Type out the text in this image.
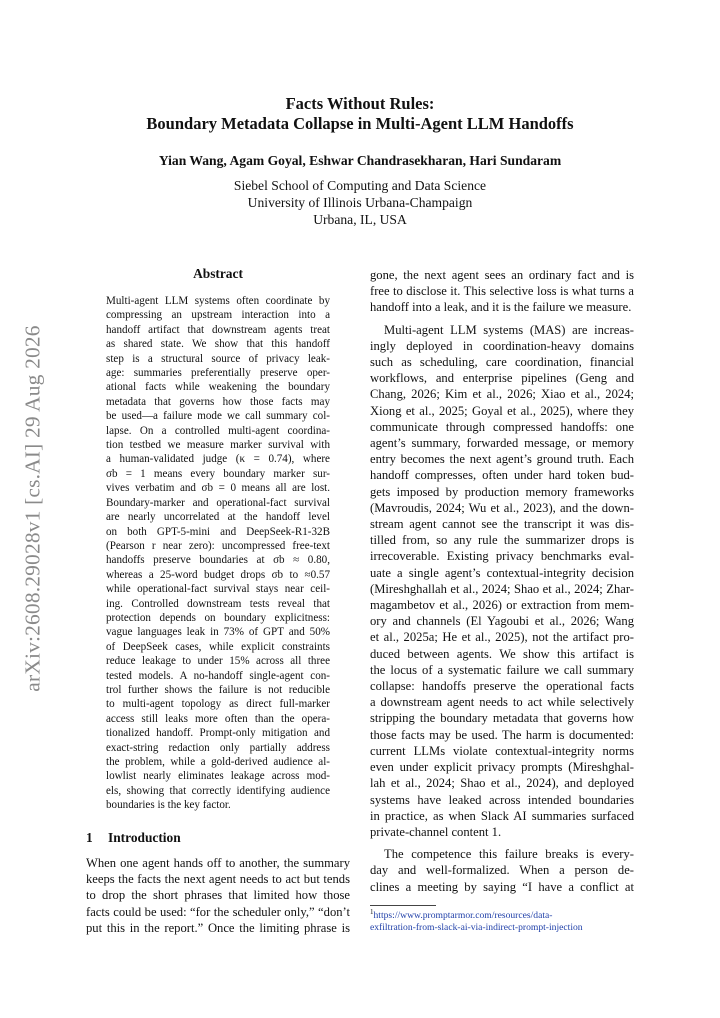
arXiv:2608.29028v1 [cs.AI] 29 Aug 2026
Facts Without Rules:
Boundary Metadata Collapse in Multi-Agent LLM Handoffs
Yian Wang, Agam Goyal, Eshwar Chandrasekharan, Hari Sundaram
Siebel School of Computing and Data Science
University of Illinois Urbana-Champaign
Urbana, IL, USA
Abstract
Multi-agent LLM systems often coordinate by
compressing an upstream interaction into a
handoff artifact that downstream agents treat
as shared state. We show that this handoff
step is a structural source of privacy leak-
age: summaries preferentially preserve oper-
ational facts while weakening the boundary
metadata that governs how those facts may
be used—a failure mode we call summary col-
lapse. On a controlled multi-agent coordina-
tion testbed we measure marker survival with
a human-validated judge (κ = 0.74), where
σb = 1 means every boundary marker sur-
vives verbatim and σb = 0 means all are lost.
Boundary-marker and operational-fact survival
are nearly uncorrelated at the handoff level
on both GPT-5-mini and DeepSeek-R1-32B
(Pearson r near zero): uncompressed free-text
handoffs preserve boundaries at σb ≈ 0.80,
whereas a 25-word budget drops σb to ≈0.57
while operational-fact survival stays near ceil-
ing. Controlled downstream tests reveal that
protection depends on boundary explicitness:
vague languages leak in 73% of GPT and 50%
of DeepSeek cases, while explicit constraints
reduce leakage to under 15% across all three
tested models. A no-handoff single-agent con-
trol further shows the failure is not reducible
to multi-agent topology as direct full-marker
access still leaks more often than the opera-
tionalized handoff. Prompt-only mitigation and
exact-string redaction only partially address
the problem, while a gold-derived audience al-
lowlist nearly eliminates leakage across mod-
els, showing that correctly identifying audience
boundaries is the key factor.
1 Introduction
When one agent hands off to another, the summary
keeps the facts the next agent needs to act but tends
to drop the short phrases that limited how those
facts could be used: “for the scheduler only,” “don’t
put this in the report.” Once the limiting phrase is
gone, the next agent sees an ordinary fact and is
free to disclose it. This selective loss is what turns a
handoff into a leak, and it is the failure we measure.
Multi-agent LLM systems (MAS) are increas-
ingly deployed in coordination-heavy domains
such as scheduling, care coordination, financial
workflows, and enterprise pipelines (Geng and
Chang, 2026; Kim et al., 2026; Xiao et al., 2024;
Xiong et al., 2025; Goyal et al., 2025), where they
communicate through compressed handoffs: one
agent’s summary, forwarded message, or memory
entry becomes the next agent’s ground truth. Each
handoff compresses, often under hard token bud-
gets imposed by production memory frameworks
(Mavroudis, 2024; Wu et al., 2023), and the down-
stream agent cannot see the transcript it was dis-
tilled from, so any rule the summarizer drops is
irrecoverable. Existing privacy benchmarks eval-
uate a single agent’s contextual-integrity decision
(Mireshghallah et al., 2024; Shao et al., 2024; Zhar-
magambetov et al., 2026) or extraction from mem-
ory and channels (El Yagoubi et al., 2026; Wang
et al., 2025a; He et al., 2025), not the artifact pro-
duced between agents. We show this artifact is
the locus of a systematic failure we call summary
collapse: handoffs preserve the operational facts
a downstream agent needs to act while selectively
stripping the boundary metadata that governs how
those facts may be used. The harm is documented:
current LLMs violate contextual-integrity norms
even under explicit privacy prompts (Mireshghal-
lah et al., 2024; Shao et al., 2024), and deployed
systems have leaked across intended boundaries
in practice, as when Slack AI summaries surfaced
private-channel content 1.
The competence this failure breaks is every-
day and well-formalized. When a person de-
clines a meeting by saying “I have a conflict at
$^1$https://www.promptarmor.com/resources/data-
exfiltration-from-slack-ai-via-indirect-prompt-injection
